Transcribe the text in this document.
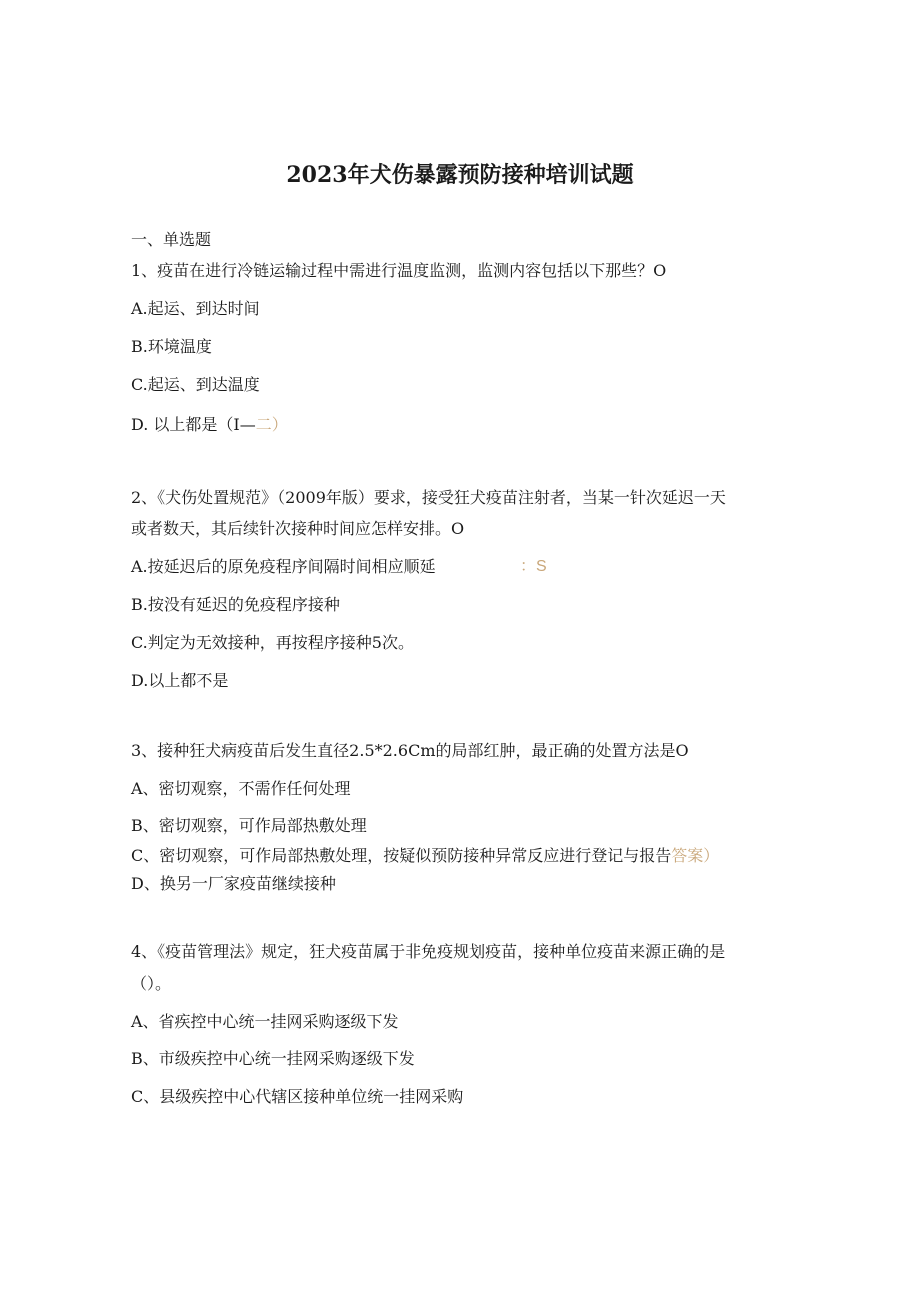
2023年犬伤暴露预防接种培训试题
一、单选题
1、疫苗在进行冷链运输过程中需进行温度监测，监测内容包括以下那些？O
A.起运、到达时间
B.环境温度
C.起运、到达温度
D. 以上都是（I—二）
2、《犬伤处置规范》（2009年版）要求，接受狂犬疫苗注射者，当某一针次延迟一天
或者数天，其后续针次接种时间应怎样安排。O
A.按延迟后的原免疫程序间隔时间相应顺延	：S
B.按没有延迟的免疫程序接种
C.判定为无效接种，再按程序接种5次。
D.以上都不是
3、接种狂犬病疫苗后发生直径2.5*2.6Cm的局部红肿，最正确的处置方法是O
A、密切观察，不需作任何处理
B、密切观察，可作局部热敷处理
C、密切观察，可作局部热敷处理，按疑似预防接种异常反应进行登记与报告答案）
D、换另一厂家疫苗继续接种
4、《疫苗管理法》规定，狂犬疫苗属于非免疫规划疫苗，接种单位疫苗来源正确的是
（）。
A、省疾控中心统一挂网采购逐级下发
B、市级疾控中心统一挂网采购逐级下发
C、县级疾控中心代辖区接种单位统一挂网采购
